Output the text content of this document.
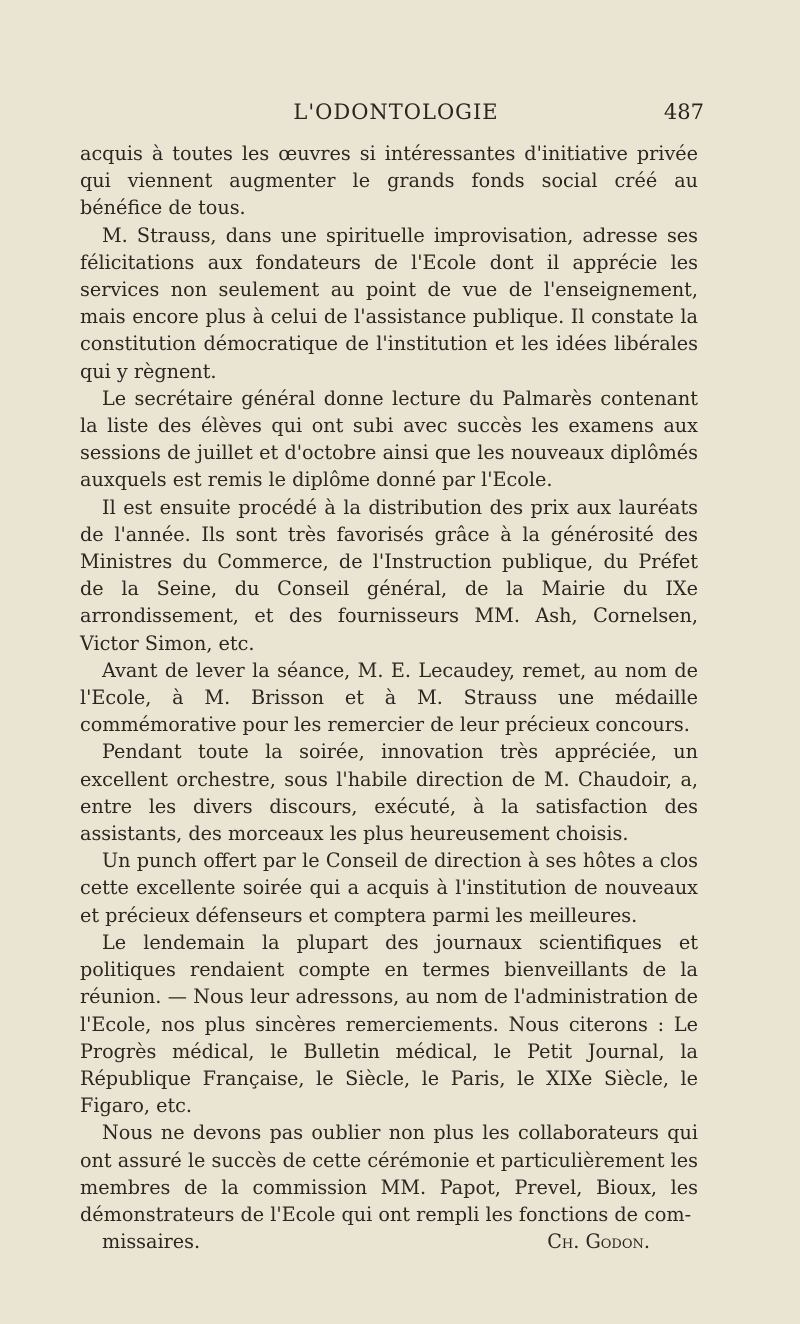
L'ODONTOLOGIE	487

acquis à toutes les œuvres si intéressantes d'initiative privée qui viennent augmenter le grands fonds social créé au bénéfice de tous.

M. Strauss, dans une spirituelle improvisation, adresse ses félicitations aux fondateurs de l'Ecole dont il apprécie les services non seulement au point de vue de l'enseignement, mais encore plus à celui de l'assistance publique. Il constate la constitution démocratique de l'institution et les idées libérales qui y règnent.

Le secrétaire général donne lecture du Palmarès contenant la liste des élèves qui ont subi avec succès les examens aux sessions de juillet et d'octobre ainsi que les nouveaux diplômés auxquels est remis le diplôme donné par l'Ecole.

Il est ensuite procédé à la distribution des prix aux lauréats de l'année. Ils sont très favorisés grâce à la générosité des Ministres du Commerce, de l'Instruction publique, du Préfet de la Seine, du Conseil général, de la Mairie du IXe arrondissement, et des fournisseurs MM. Ash, Cornelsen, Victor Simon, etc.

Avant de lever la séance, M. E. Lecaudey, remet, au nom de l'Ecole, à M. Brisson et à M. Strauss une médaille commémorative pour les remercier de leur précieux concours.

Pendant toute la soirée, innovation très appréciée, un excellent orchestre, sous l'habile direction de M. Chaudoir, a, entre les divers discours, exécuté, à la satisfaction des assistants, des morceaux les plus heureusement choisis.

Un punch offert par le Conseil de direction à ses hôtes a clos cette excellente soirée qui a acquis à l'institution de nouveaux et précieux défenseurs et comptera parmi les meilleures.

Le lendemain la plupart des journaux scientifiques et politiques rendaient compte en termes bienveillants de la réunion. — Nous leur adressons, au nom de l'administration de l'Ecole, nos plus sincères remerciements. Nous citerons : Le Progrès médical, le Bulletin médical, le Petit Journal, la République Française, le Siècle, le Paris, le XIXe Siècle, le Figaro, etc.

Nous ne devons pas oublier non plus les collaborateurs qui ont assuré le succès de cette cérémonie et particulièrement les membres de la commission MM. Papot, Prevel, Bioux, les démonstrateurs de l'Ecole qui ont rempli les fonctions de com-

missaires.	Ch. Godon.
